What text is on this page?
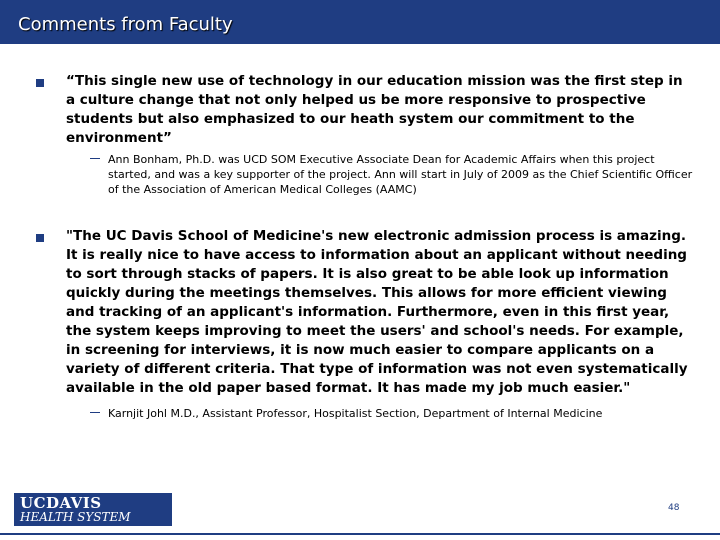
Comments from Faculty
“This single new use of technology in our education mission was the first step in a culture change that not only helped us be more responsive to prospective students but also emphasized to our heath system our commitment to the environment”
Ann Bonham, Ph.D. was UCD SOM Executive Associate Dean for Academic Affairs when this project started, and was a key supporter of the project. Ann will start in July of 2009 as the Chief Scientific Officer of the Association of American Medical Colleges (AAMC)
"The UC Davis School of Medicine's new electronic admission process is amazing. It is really nice to have access to information about an applicant without needing to sort through stacks of papers. It is also great to be able look up information quickly during the meetings themselves. This allows for more efficient viewing and tracking of an applicant's information. Furthermore, even in this first year, the system keeps improving to meet the users' and school's needs. For example, in screening for interviews, it is now much easier to compare applicants on a variety of different criteria. That type of information was not even systematically available in the old paper based format. It has made my job much easier."
Karnjit Johl M.D., Assistant Professor, Hospitalist Section, Department of Internal Medicine
UCDAVIS
HEALTH SYSTEM
48
